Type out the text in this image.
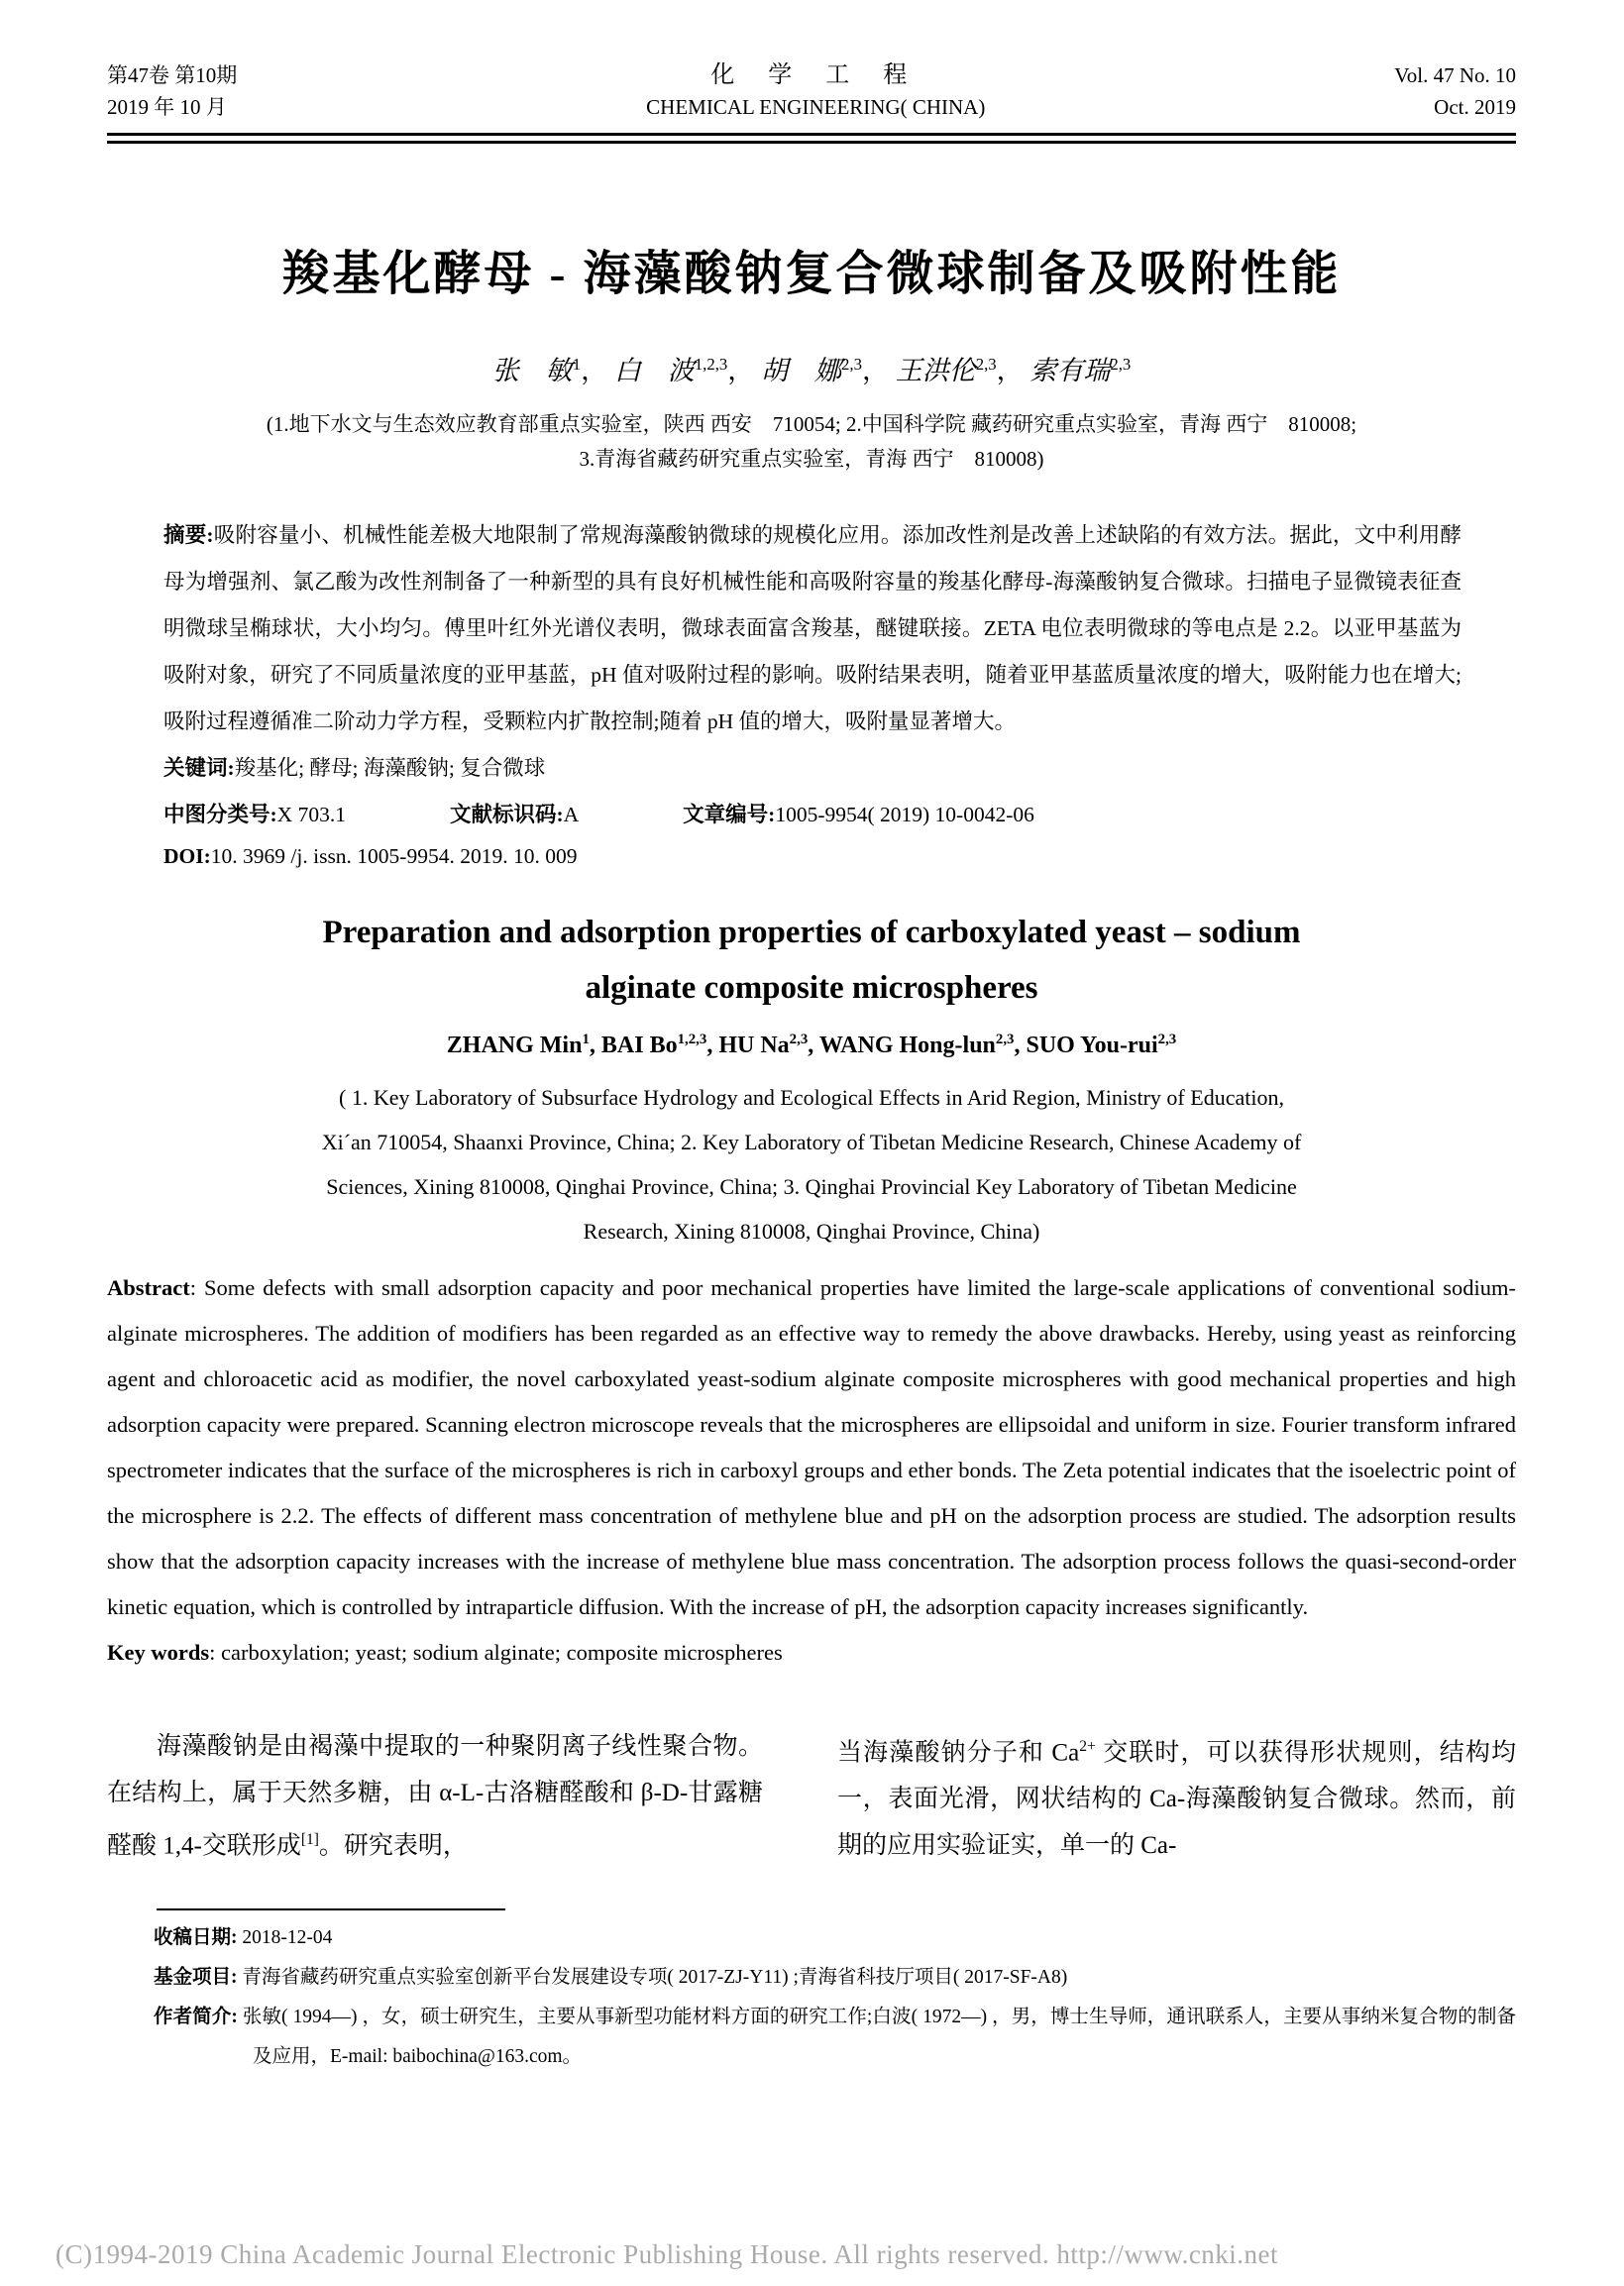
第47卷 第10期
2019 年 10 月
化 学 工 程
CHEMICAL ENGINEERING( CHINA)
Vol. 47 No. 10
Oct. 2019
羧基化酵母 - 海藻酸钠复合微球制备及吸附性能
张　敏$^1$， 白　波$^{1,2,3}$， 胡　娜$^{2,3}$， 王洪伦$^{2,3}$， 索有瑞$^{2,3}$
(1.地下水文与生态效应教育部重点实验室，陕西 西安　710054; 2.中国科学院 藏药研究重点实验室，青海 西宁　810008;
3.青海省藏药研究重点实验室，青海 西宁　810008)
摘要:吸附容量小、机械性能差极大地限制了常规海藻酸钠微球的规模化应用。添加改性剂是改善上述缺陷的有效方法。据此，文中利用酵母为增强剂、氯乙酸为改性剂制备了一种新型的具有良好机械性能和高吸附容量的羧基化酵母-海藻酸钠复合微球。扫描电子显微镜表征查明微球呈椭球状，大小均匀。傅里叶红外光谱仪表明，微球表面富含羧基，醚键联接。ZETA 电位表明微球的等电点是 2.2。以亚甲基蓝为吸附对象，研究了不同质量浓度的亚甲基蓝，pH 值对吸附过程的影响。吸附结果表明，随着亚甲基蓝质量浓度的增大，吸附能力也在增大;吸附过程遵循准二阶动力学方程，受颗粒内扩散控制;随着 pH 值的增大，吸附量显著增大。
关键词:羧基化; 酵母; 海藻酸钠; 复合微球
中图分类号:X 703.1	文献标识码:A	文章编号:1005-9954( 2019) 10-0042-06
DOI:10. 3969 /j. issn. 1005-9954. 2019. 10. 009
Preparation and adsorption properties of carboxylated yeast – sodium
alginate composite microspheres
ZHANG Min$^1$, BAI Bo$^{1,2,3}$, HU Na$^{2,3}$, WANG Hong-lun$^{2,3}$, SUO You-rui$^{2,3}$
( 1. Key Laboratory of Subsurface Hydrology and Ecological Effects in Arid Region, Ministry of Education,
Xi´an 710054, Shaanxi Province, China; 2. Key Laboratory of Tibetan Medicine Research, Chinese Academy of
Sciences, Xining 810008, Qinghai Province, China; 3. Qinghai Provincial Key Laboratory of Tibetan Medicine
Research, Xining 810008, Qinghai Province, China)
Abstract: Some defects with small adsorption capacity and poor mechanical properties have limited the large-scale applications of conventional sodium-alginate microspheres. The addition of modifiers has been regarded as an effective way to remedy the above drawbacks. Hereby, using yeast as reinforcing agent and chloroacetic acid as modifier, the novel carboxylated yeast-sodium alginate composite microspheres with good mechanical properties and high adsorption capacity were prepared. Scanning electron microscope reveals that the microspheres are ellipsoidal and uniform in size. Fourier transform infrared spectrometer indicates that the surface of the microspheres is rich in carboxyl groups and ether bonds. The Zeta potential indicates that the isoelectric point of the microsphere is 2.2. The effects of different mass concentration of methylene blue and pH on the adsorption process are studied. The adsorption results show that the adsorption capacity increases with the increase of methylene blue mass concentration. The adsorption process follows the quasi-second-order kinetic equation, which is controlled by intraparticle diffusion. With the increase of pH, the adsorption capacity increases significantly.
Key words: carboxylation; yeast; sodium alginate; composite microspheres
海藻酸钠是由褐藻中提取的一种聚阴离子线性聚合物。在结构上，属于天然多糖，由 α-L-古洛糖醛酸和 β-D-甘露糖醛酸 1,4-交联形成[1]。研究表明，
当海藻酸钠分子和 $Ca^{2+}$ 交联时，可以获得形状规则，结构均一，表面光滑，网状结构的 Ca-海藻酸钠复合微球。然而，前期的应用实验证实，单一的 Ca-
收稿日期: 2018-12-04
基金项目: 青海省藏药研究重点实验室创新平台发展建设专项( 2017-ZJ-Y11) ;青海省科技厅项目( 2017-SF-A8)
作者简介: 张敏( 1994—) ，女，硕士研究生，主要从事新型功能材料方面的研究工作;白波( 1972—) ，男，博士生导师，通讯联系人，主要从事纳米复合物的制备及应用，E-mail: baibochina@163.com。
(C)1994-2019 China Academic Journal Electronic Publishing House. All rights reserved. http://www.cnki.net
